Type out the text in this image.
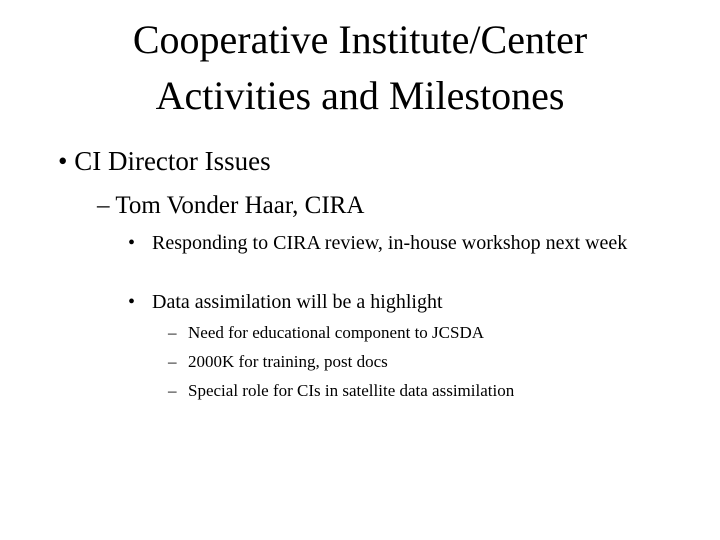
Cooperative Institute/Center
Activities and Milestones
• CI Director Issues
– Tom Vonder Haar, CIRA
• Responding to CIRA review, in-house workshop next week
• Data assimilation will be a highlight
– Need for educational component to JCSDA
– 2000K for training, post docs
– Special role for CIs in satellite data assimilation
